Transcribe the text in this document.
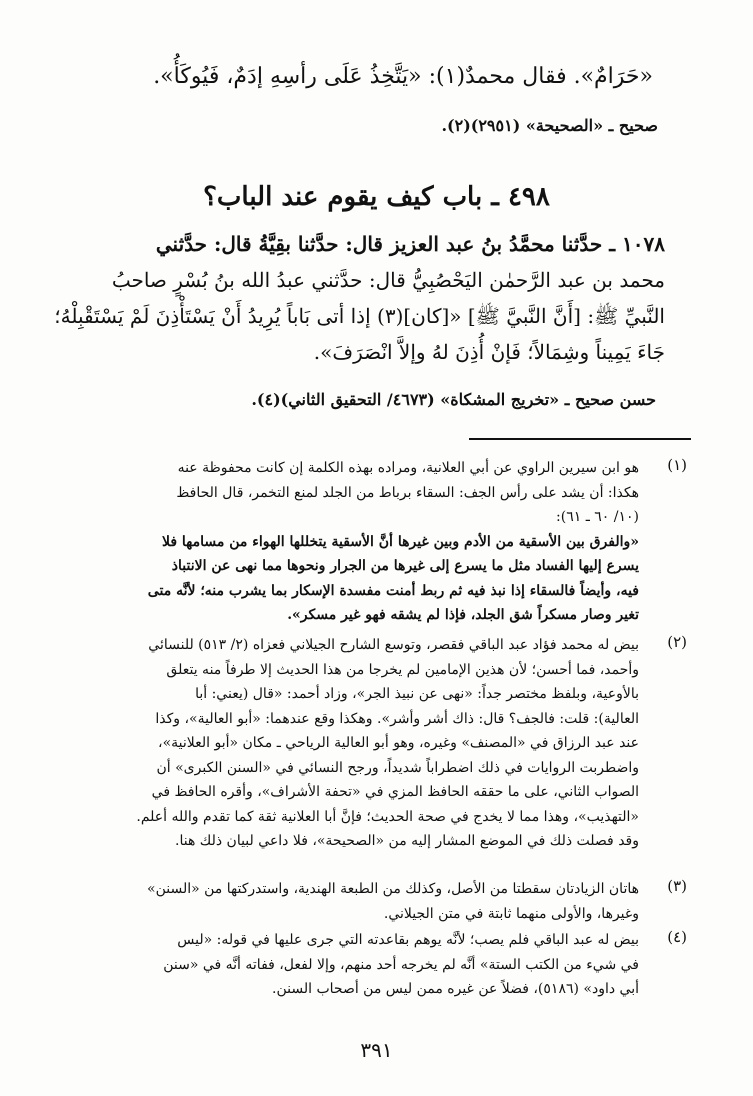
«حَرَامٌ». فقال محمدٌ(١): «يَتَّخِذُ عَلَى رأسِهِ إدَمٌ، فَيُوكَأُ».
صحيح ـ «الصحيحة» (٢٩٥١)(٢).
٤٩٨ ـ باب كيف يقوم عند الباب؟
١٠٧٨ ـ حدَّثنا محمَّدُ بنُ عبد العزيز قال: حدَّثنا بقِيَّةُ قال: حدَّثني
محمد بن عبد الرَّحمٰن اليَحْصُبِيُّ قال: حدَّثني عبدُ الله بنُ بُسْرٍ صاحبُ
النَّبيِّ ﷺ: [أَنَّ النَّبيَّ ﷺ] «[كان](٣) إذا أتى بَاباً يُرِيدُ أَنْ يَسْتَأْذِنَ لَمْ يَسْتَقْبِلْهُ؛
جَاءَ يَمِيناً وشِمَالاً؛ فَإنْ أُذِنَ لهُ وإلاَّ انْصَرَفَ».
حسن صحيح ـ «تخريج المشكاة» (٤٦٧٣/ التحقيق الثاني)(٤).
(١)
هو ابن سيرين الراوي عن أبي العلانية، ومراده بهذه الكلمة إن كانت محفوظة عنه
هكذا: أن يشد على رأس الجف: السقاء برباط من الجلد لمنع التخمر، قال الحافظ
(١٠/ ٦٠ ـ ٦١):
«والفرق بين الأسقية من الأدم وبين غيرها أنَّ الأسقية يتخللها الهواء من مسامها فلا
يسرع إليها الفساد مثل ما يسرع إلى غيرها من الجرار ونحوها مما نهى عن الانتباذ
فيه، وأيضاً فالسقاء إذا نبذ فيه ثم ربط أمنت مفسدة الإسكار بما يشرب منه؛ لأنَّه متى
تغير وصار مسكراً شق الجلد، فإذا لم يشقه فهو غير مسكر».
(٢)
بيض له محمد فؤاد عبد الباقي فقصر، وتوسع الشارح الجيلاني فعزاه (٢/ ٥١٣) للنسائي
وأحمد، فما أحسن؛ لأن هذين الإمامين لم يخرجا من هذا الحديث إلا طرفاً منه يتعلق
بالأوعية، وبلفظ مختصر جداً: «نهى عن نبيذ الجر»، وزاد أحمد: «قال (يعني: أبا
العالية): قلت: فالجف؟ قال: ذاك أشر وأشر». وهكذا وقع عندهما: «أبو العالية»، وكذا
عند عبد الرزاق في «المصنف» وغيره، وهو أبو العالية الرياحي ـ مكان «أبو العلانية»،
واضطربت الروايات في ذلك اضطراباً شديداً، ورجح النسائي في «السنن الكبرى» أن
الصواب الثاني، على ما حققه الحافظ المزي في «تحفة الأشراف»، وأقره الحافظ في
«التهذيب»، وهذا مما لا يخدج في صحة الحديث؛ فإنَّ أبا العلانية ثقة كما تقدم والله أعلم.
وقد فصلت ذلك في الموضع المشار إليه من «الصحيحة»، فلا داعي لبيان ذلك هنا.
(٣)
هاتان الزيادتان سقطتا من الأصل، وكذلك من الطبعة الهندية، واستدركتها من «السنن»
وغيرها، والأولى منهما ثابتة في متن الجيلاني.
(٤)
بيض له عبد الباقي فلم يصب؛ لأنَّه يوهم بقاعدته التي جرى عليها في قوله: «ليس
في شيء من الكتب الستة» أنَّه لم يخرجه أحد منهم، وإلا لفعل، ففاته أنَّه في «سنن
أبي داود» (٥١٨٦)، فضلاً عن غيره ممن ليس من أصحاب السنن.
٣٩١
